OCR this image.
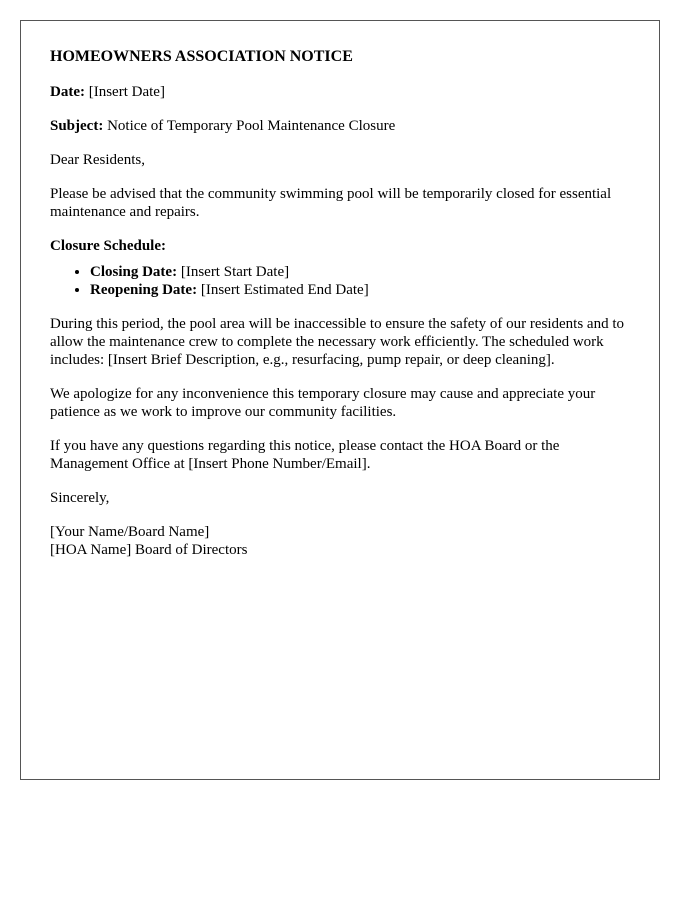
HOMEOWNERS ASSOCIATION NOTICE

Date: [Insert Date]

Subject: Notice of Temporary Pool Maintenance Closure

Dear Residents,

Please be advised that the community swimming pool will be temporarily closed for essential maintenance and repairs.

Closure Schedule:
• Closing Date: [Insert Start Date]
• Reopening Date: [Insert Estimated End Date]

During this period, the pool area will be inaccessible to ensure the safety of our residents and to allow the maintenance crew to complete the necessary work efficiently. The scheduled work includes: [Insert Brief Description, e.g., resurfacing, pump repair, or deep cleaning].

We apologize for any inconvenience this temporary closure may cause and appreciate your patience as we work to improve our community facilities.

If you have any questions regarding this notice, please contact the HOA Board or the Management Office at [Insert Phone Number/Email].

Sincerely,

[Your Name/Board Name]

[HOA Name] Board of Directors
